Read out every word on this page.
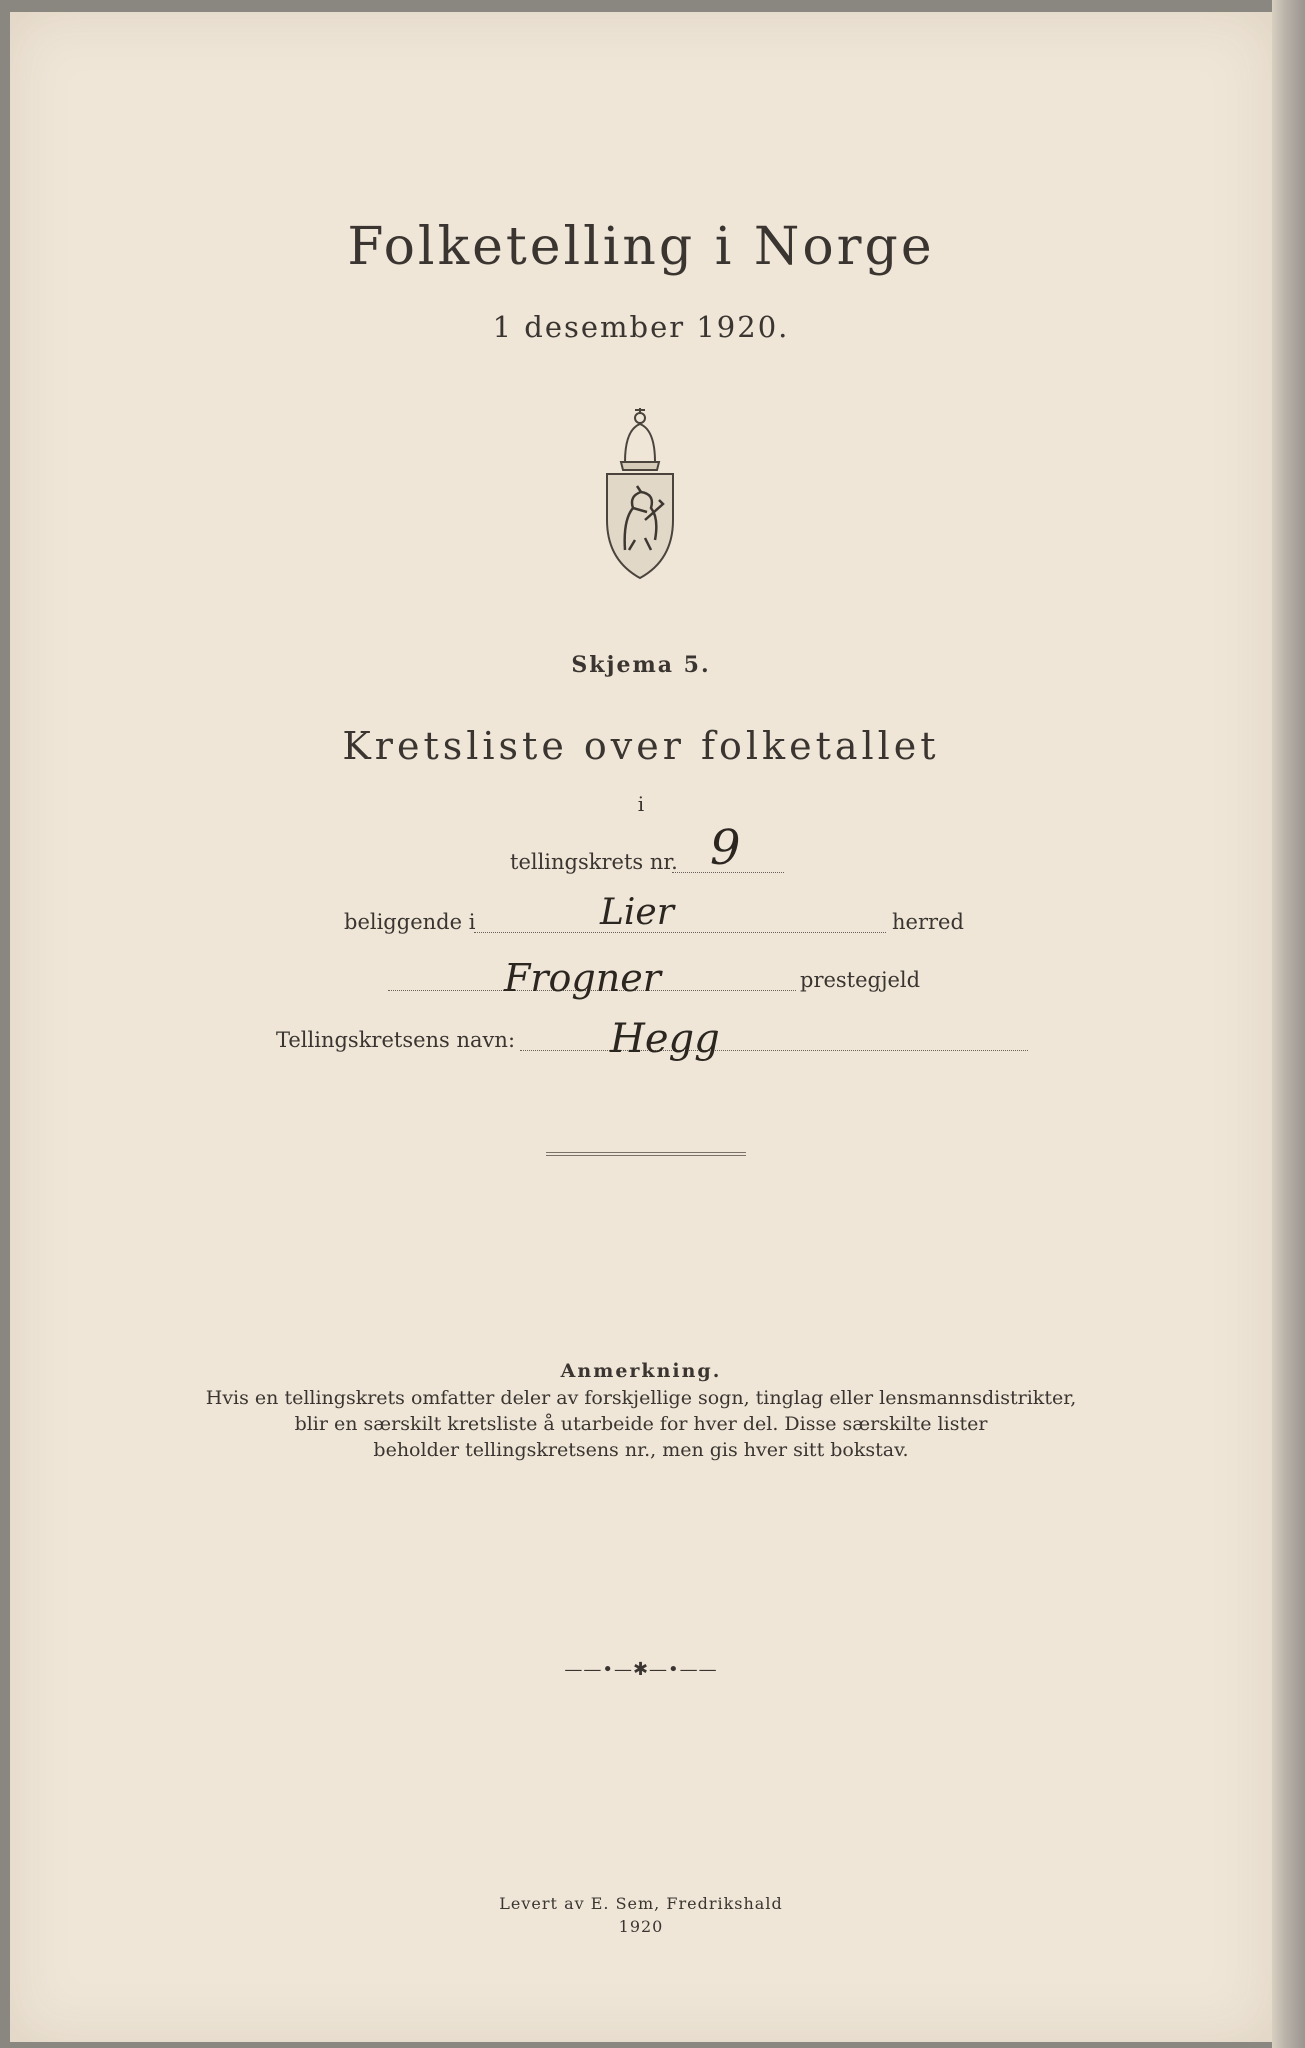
Folketelling i Norge
1 desember 1920.
Skjema 5.
Kretsliste over folketallet
i
tellingskrets nr. 9
beliggende i	Lier	herred
Frogner	prestegjeld
Tellingskretsens navn: Hegg
Anmerkning.
Hvis en tellingskrets omfatter deler av forskjellige sogn, tinglag eller lensmannsdistrikter,
blir en særskilt kretsliste å utarbeide for hver del. Disse særskilte lister
beholder tellingskretsens nr., men gis hver sitt bokstav.
——•—✱—•——
Levert av E. Sem, Fredrikshald
1920
